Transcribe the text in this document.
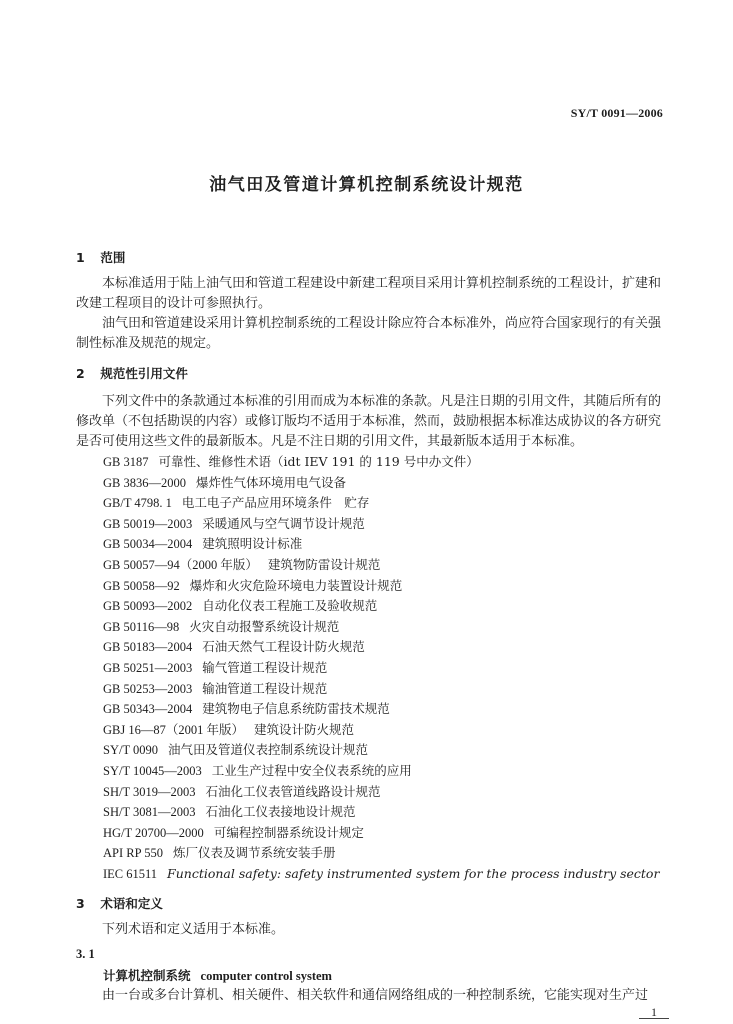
SY/T 0091—2006
油气田及管道计算机控制系统设计规范
1 范围

本标准适用于陆上油气田和管道工程建设中新建工程项目采用计算机控制系统的工程设计，扩建和改建工程项目的设计可参照执行。

油气田和管道建设采用计算机控制系统的工程设计除应符合本标准外，尚应符合国家现行的有关强制性标准及规范的规定。

2 规范性引用文件

下列文件中的条款通过本标准的引用而成为本标准的条款。凡是注日期的引用文件，其随后所有的修改单（不包括勘误的内容）或修订版均不适用于本标准，然而，鼓励根据本标准达成协议的各方研究是否可使用这些文件的最新版本。凡是不注日期的引用文件，其最新版本适用于本标准。

GB 3187 可靠性、维修性术语（idt IEV 191 的 119 号中办文件）
GB 3836—2000 爆炸性气体环境用电气设备
GB/T 4798. 1 电工电子产品应用环境条件　贮存
GB 50019—2003 采暖通风与空气调节设计规范
GB 50034—2004 建筑照明设计标准
GB 50057—94（2000 年版） 建筑物防雷设计规范
GB 50058—92 爆炸和火灾危险环境电力装置设计规范
GB 50093—2002 自动化仪表工程施工及验收规范
GB 50116—98 火灾自动报警系统设计规范
GB 50183—2004 石油天然气工程设计防火规范
GB 50251—2003 输气管道工程设计规范
GB 50253—2003 输油管道工程设计规范
GB 50343—2004 建筑物电子信息系统防雷技术规范
GBJ 16—87（2001 年版） 建筑设计防火规范
SY/T 0090 油气田及管道仪表控制系统设计规范
SY/T 10045—2003 工业生产过程中安全仪表系统的应用
SH/T 3019—2003 石油化工仪表管道线路设计规范
SH/T 3081—2003 石油化工仪表接地设计规范
HG/T 20700—2000 可编程控制器系统设计规定
API RP 550 炼厂仪表及调节系统安装手册
IEC 61511 Functional safety: safety instrumented system for the process industry sector
3 术语和定义

下列术语和定义适用于本标准。

3. 1
计算机控制系统 computer control system

由一台或多台计算机、相关硬件、相关软件和通信网络组成的一种控制系统，它能实现对生产过

1
